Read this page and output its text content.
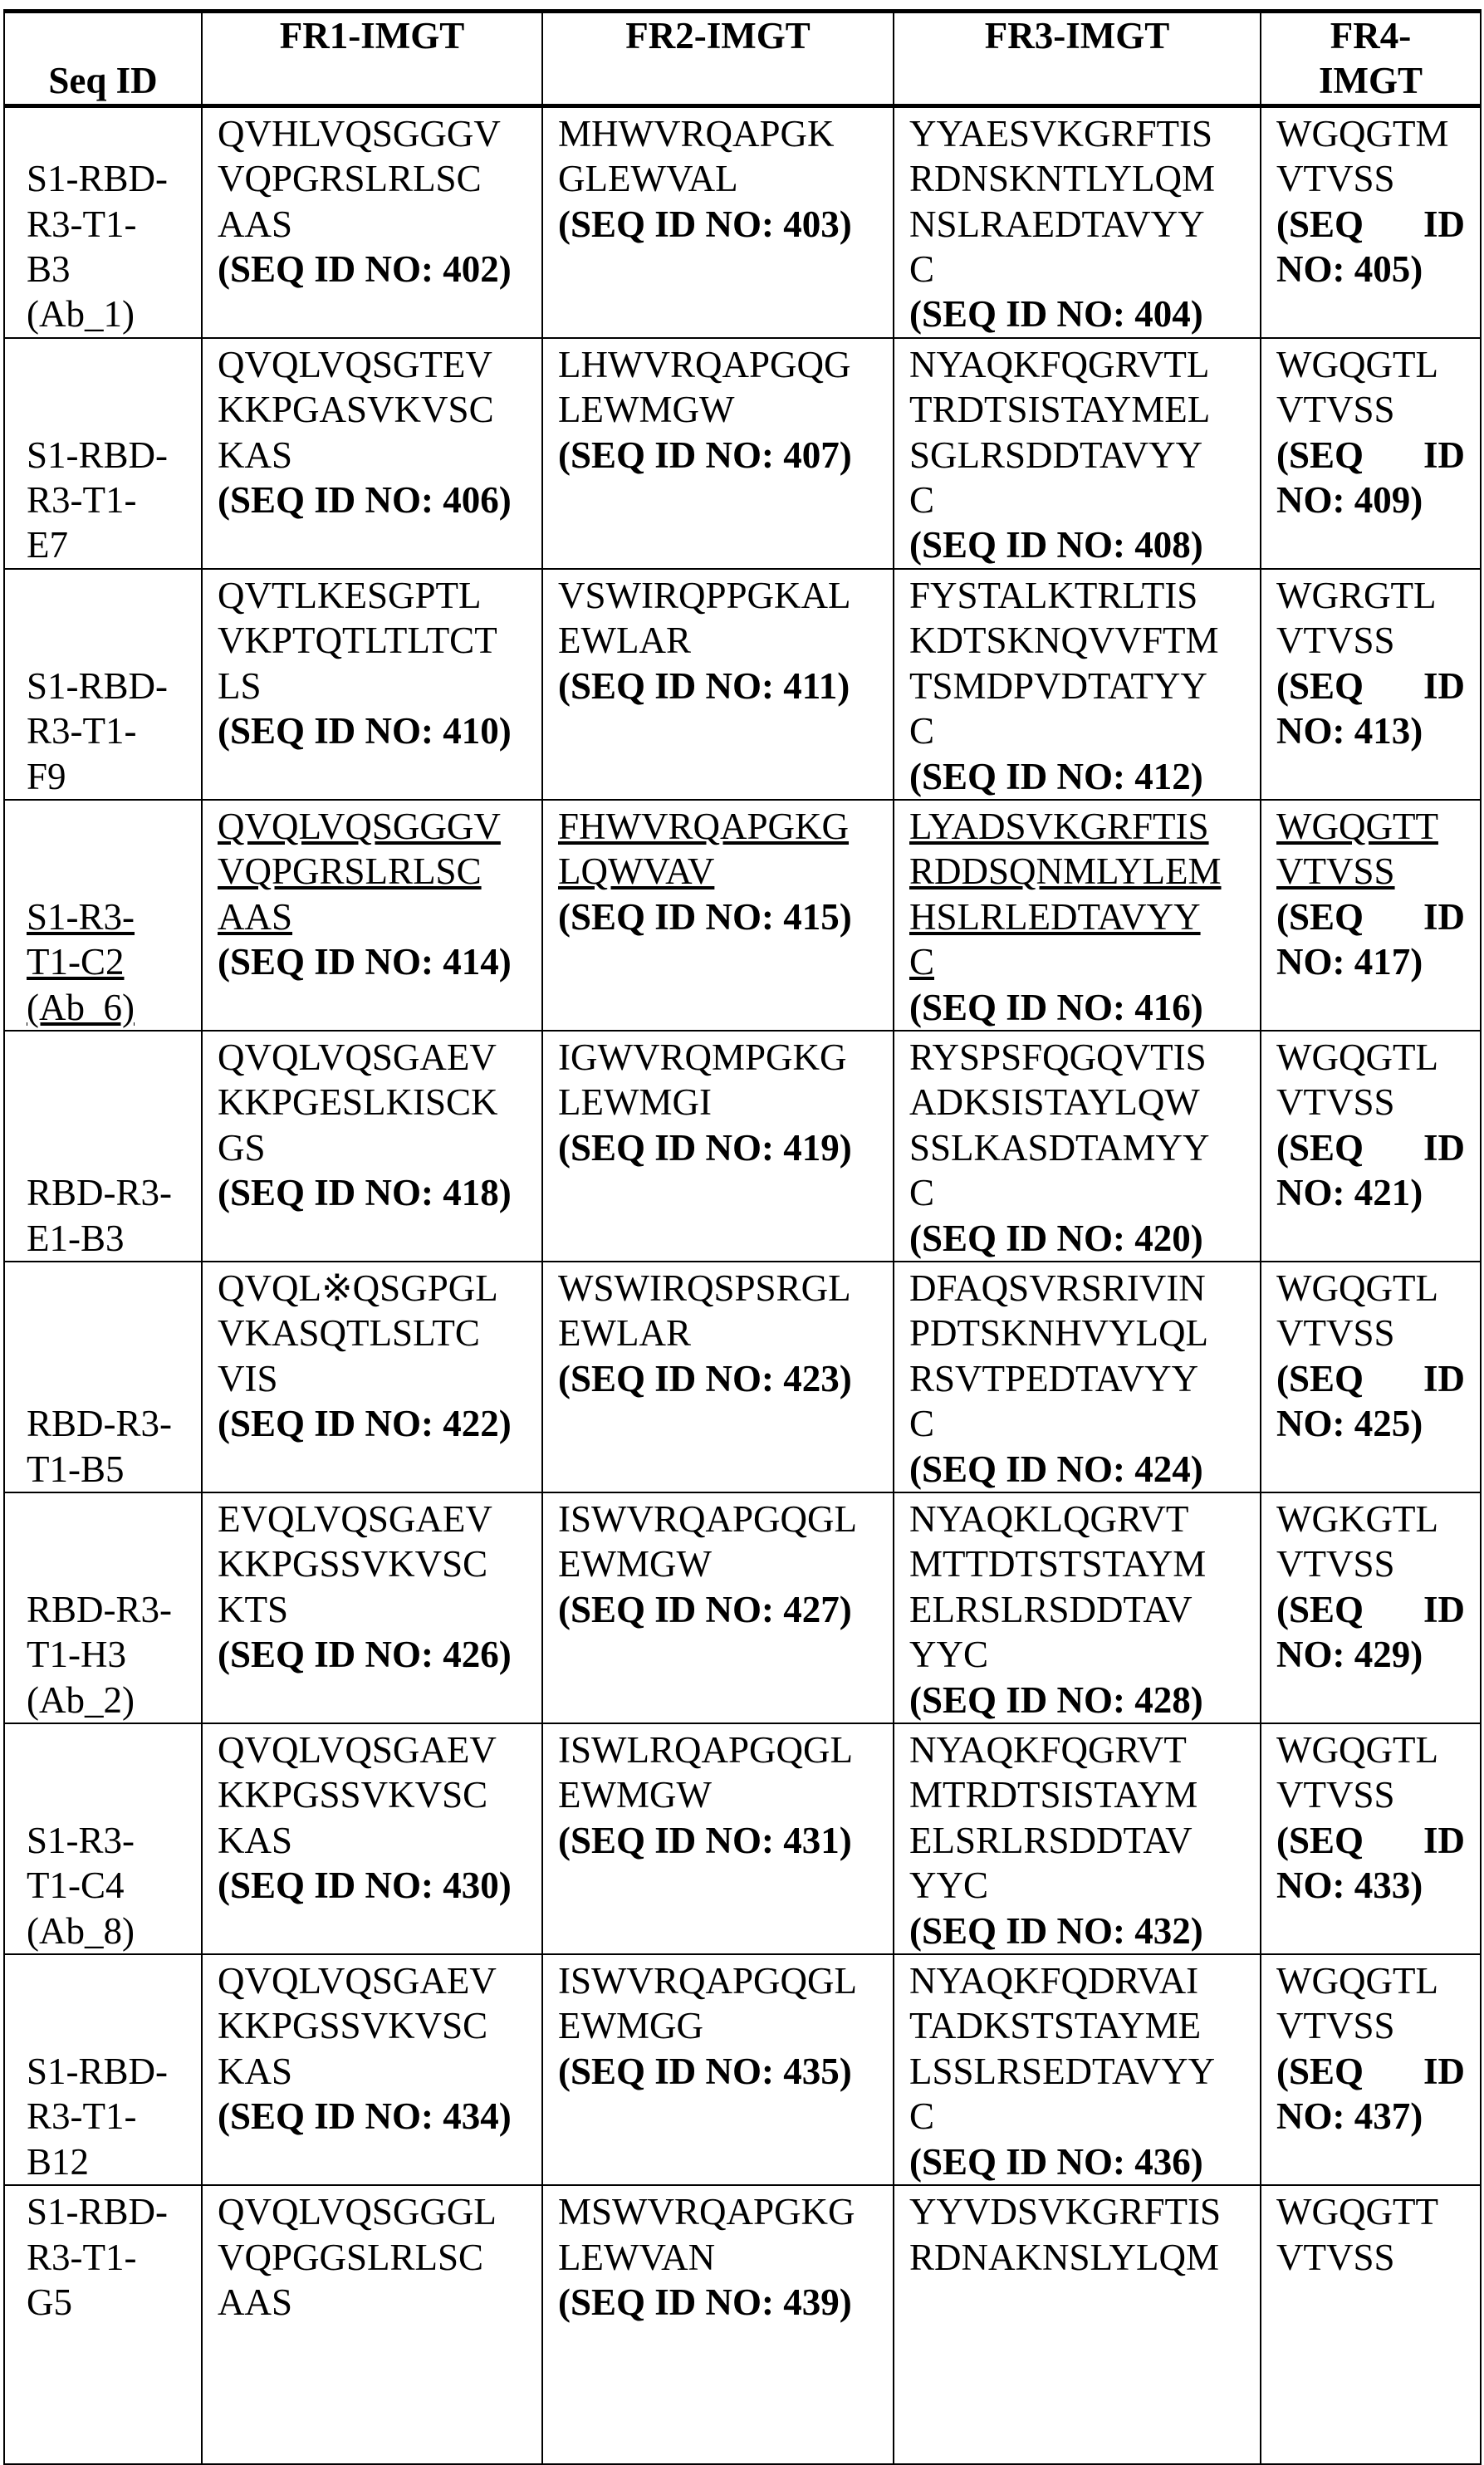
Seq ID

FR1-IMGT	FR2-IMGT	FR3-IMGT	FR4-
IMGT

S1-RBD-
R3-T1-
B3
(Ab_1)

QVHLVQSGGGV
VQPGRSLRLSC
AAS
(SEQ ID NO: 402)

MHWVRQAPGK
GLEWVAL
(SEQ ID NO: 403)

YYAESVKGRFTIS
RDNSKNTLYLQM
NSLRAEDTAVYY
C
(SEQ ID NO: 404)

WGQGTM
VTVSS
(SEQ ID
NO: 405)

S1-RBD-
R3-T1-
E7

QVQLVQSGTEV
KKPGASVKVSC
KAS
(SEQ ID NO: 406)

LHWVRQAPGQG
LEWMGW
(SEQ ID NO: 407)

NYAQKFQGRVTL
TRDTSISTAYMEL
SGLRSDDTAVYY
C
(SEQ ID NO: 408)

WGQGTL
VTVSS
(SEQ ID
NO: 409)

S1-RBD-
R3-T1-
F9

QVTLKESGPTL
VKPTQTLTLTCT
LS
(SEQ ID NO: 410)

VSWIRQPPGKAL
EWLAR
(SEQ ID NO: 411)

FYSTALKTRLTIS
KDTSKNQVVFTM
TSMDPVDTATYY
C
(SEQ ID NO: 412)

WGRGTL
VTVSS
(SEQ ID
NO: 413)

S1-R3-
T1-C2
(Ab_6)

QVQLVQSGGGV
VQPGRSLRLSC
AAS
(SEQ ID NO: 414)

FHWVRQAPGKG
LQWVAV
(SEQ ID NO: 415)

LYADSVKGRFTIS
RDDSQNMLYLEM
HSLRLEDTAVYY
C
(SEQ ID NO: 416)

WGQGTT
VTVSS
(SEQ ID
NO: 417)

RBD-R3-
E1-B3

QVQLVQSGAEV
KKPGESLKISCK
GS
(SEQ ID NO: 418)

IGWVRQMPGKG
LEWMGI
(SEQ ID NO: 419)

RYSPSFQGQVTIS
ADKSISTAYLQW
SSLKASDTAMYY
C
(SEQ ID NO: 420)

WGQGTL
VTVSS
(SEQ ID
NO: 421)

RBD-R3-
T1-B5

QVQL※QSGPGL
VKASQTLSLTC
VIS
(SEQ ID NO: 422)

WSWIRQSPSRGL
EWLAR
(SEQ ID NO: 423)

DFAQSVRSRIVIN
PDTSKNHVYLQL
RSVTPEDTAVYY
C
(SEQ ID NO: 424)

WGQGTL
VTVSS
(SEQ ID
NO: 425)

RBD-R3-
T1-H3
(Ab_2)

EVQLVQSGAEV
KKPGSSVKVSC
KTS
(SEQ ID NO: 426)

ISWVRQAPGQGL
EWMGW
(SEQ ID NO: 427)

NYAQKLQGRVT
MTTDTSTSTAYM
ELRSLRSDDTAV
YYC
(SEQ ID NO: 428)

WGKGTL
VTVSS
(SEQ ID
NO: 429)

S1-R3-
T1-C4
(Ab_8)

QVQLVQSGAEV
KKPGSSVKVSC
KAS
(SEQ ID NO: 430)

ISWLRQAPGQGL
EWMGW
(SEQ ID NO: 431)

NYAQKFQGRVT
MTRDTSISTAYM
ELSRLRSDDTAV
YYC
(SEQ ID NO: 432)

WGQGTL
VTVSS
(SEQ ID
NO: 433)

S1-RBD-
R3-T1-
B12

QVQLVQSGAEV
KKPGSSVKVSC
KAS
(SEQ ID NO: 434)

ISWVRQAPGQGL
EWMGG
(SEQ ID NO: 435)

NYAQKFQDRVAI
TADKSTSTAYME
LSSLRSEDTAVYY
C
(SEQ ID NO: 436)

WGQGTL
VTVSS
(SEQ ID
NO: 437)

S1-RBD-
R3-T1-
G5

QVQLVQSGGGL
VQPGGSLRLSC
AAS

MSWVRQAPGKG
LEWVAN
(SEQ ID NO: 439)

YYVDSVKGRFTIS
RDNAKNSLYLQM

WGQGTT
VTVSS
